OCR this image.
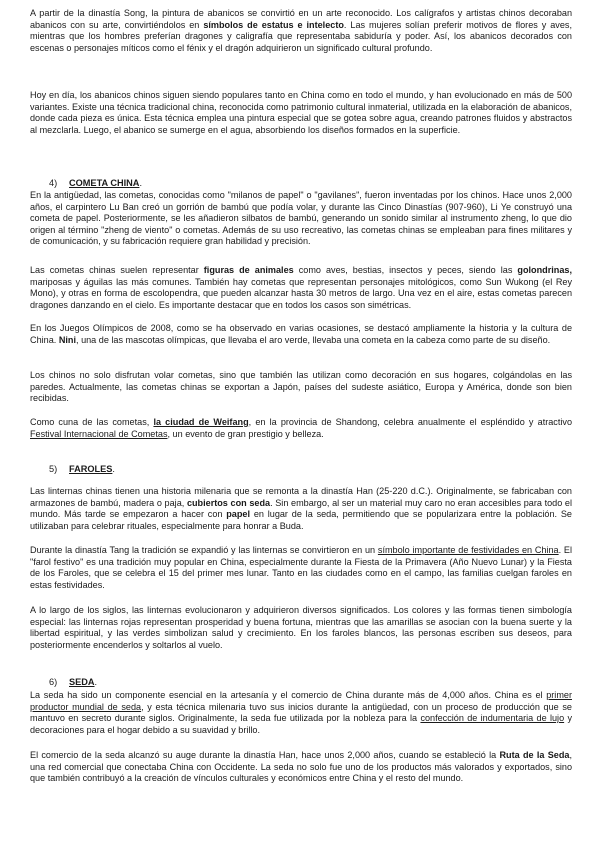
A partir de la dinastía Song, la pintura de abanicos se convirtió en un arte reconocido. Los calígrafos y artistas chinos decoraban abanicos con su arte, convirtiéndolos en símbolos de estatus e intelecto. Las mujeres solían preferir motivos de flores y aves, mientras que los hombres preferían dragones y caligrafía que representaba sabiduría y poder. Así, los abanicos decorados con escenas o personajes míticos como el fénix y el dragón adquirieron un significado cultural profundo.

Hoy en día, los abanicos chinos siguen siendo populares tanto en China como en todo el mundo, y han evolucionado en más de 500 variantes. Existe una técnica tradicional china, reconocida como patrimonio cultural inmaterial, utilizada en la elaboración de abanicos, donde cada pieza es única. Esta técnica emplea una pintura especial que se gotea sobre agua, creando patrones fluidos y abstractos al mezclarla. Luego, el abanico se sumerge en el agua, absorbiendo los diseños formados en la superficie.

4) COMETA CHINA.

En la antigüedad, las cometas, conocidas como "milanos de papel" o "gavilanes", fueron inventadas por los chinos. Hace unos 2,000 años, el carpintero Lu Ban creó un gorrión de bambú que podía volar, y durante las Cinco Dinastías (907-960), Li Ye construyó una cometa de papel. Posteriormente, se les añadieron silbatos de bambú, generando un sonido similar al instrumento zheng, lo que dio origen al término "zheng de viento" o cometas. Además de su uso recreativo, las cometas chinas se empleaban para fines militares y de comunicación, y su fabricación requiere gran habilidad y precisión.

Las cometas chinas suelen representar figuras de animales como aves, bestias, insectos y peces, siendo las golondrinas, mariposas y águilas las más comunes. También hay cometas que representan personajes mitológicos, como Sun Wukong (el Rey Mono), y otras en forma de escolopendra, que pueden alcanzar hasta 30 metros de largo. Una vez en el aire, estas cometas parecen dragones danzando en el cielo. Es importante destacar que en todos los casos son simétricas.

En los Juegos Olímpicos de 2008, como se ha observado en varias ocasiones, se destacó ampliamente la historia y la cultura de China. Nini, una de las mascotas olímpicas, que llevaba el aro verde, llevaba una cometa en la cabeza como parte de su diseño.

Los chinos no solo disfrutan volar cometas, sino que también las utilizan como decoración en sus hogares, colgándolas en las paredes. Actualmente, las cometas chinas se exportan a Japón, países del sudeste asiático, Europa y América, donde son bien recibidas.

Como cuna de las cometas, la ciudad de Weifang, en la provincia de Shandong, celebra anualmente el espléndido y atractivo Festival Internacional de Cometas, un evento de gran prestigio y belleza.

5) FAROLES.

Las linternas chinas tienen una historia milenaria que se remonta a la dinastía Han (25-220 d.C.). Originalmente, se fabricaban con armazones de bambú, madera o paja, cubiertos con seda. Sin embargo, al ser un material muy caro no eran accesibles para todo el mundo. Más tarde se empezaron a hacer con papel en lugar de la seda, permitiendo que se popularizara entre la población. Se utilizaban para celebrar rituales, especialmente para honrar a Buda.

Durante la dinastía Tang la tradición se expandió y las linternas se convirtieron en un símbolo importante de festividades en China. El "farol festivo" es una tradición muy popular en China, especialmente durante la Fiesta de la Primavera (Año Nuevo Lunar) y la Fiesta de los Faroles, que se celebra el 15 del primer mes lunar. Tanto en las ciudades como en el campo, las familias cuelgan faroles en estas festividades.

A lo largo de los siglos, las linternas evolucionaron y adquirieron diversos significados. Los colores y las formas tienen simbología especial: las linternas rojas representan prosperidad y buena fortuna, mientras que las amarillas se asocian con la buena suerte y la libertad espiritual, y las verdes simbolizan salud y crecimiento. En los faroles blancos, las personas escriben sus deseos, para posteriormente encenderlos y soltarlos al vuelo.

6) SEDA.

La seda ha sido un componente esencial en la artesanía y el comercio de China durante más de 4,000 años. China es el primer productor mundial de seda, y esta técnica milenaria tuvo sus inicios durante la antigüedad, con un proceso de producción que se mantuvo en secreto durante siglos. Originalmente, la seda fue utilizada por la nobleza para la confección de indumentaria de lujo y decoraciones para el hogar debido a su suavidad y brillo.

El comercio de la seda alcanzó su auge durante la dinastía Han, hace unos 2,000 años, cuando se estableció la Ruta de la Seda, una red comercial que conectaba China con Occidente. La seda no solo fue uno de los productos más valorados y exportados, sino que también contribuyó a la creación de vínculos culturales y económicos entre China y el resto del mundo.
